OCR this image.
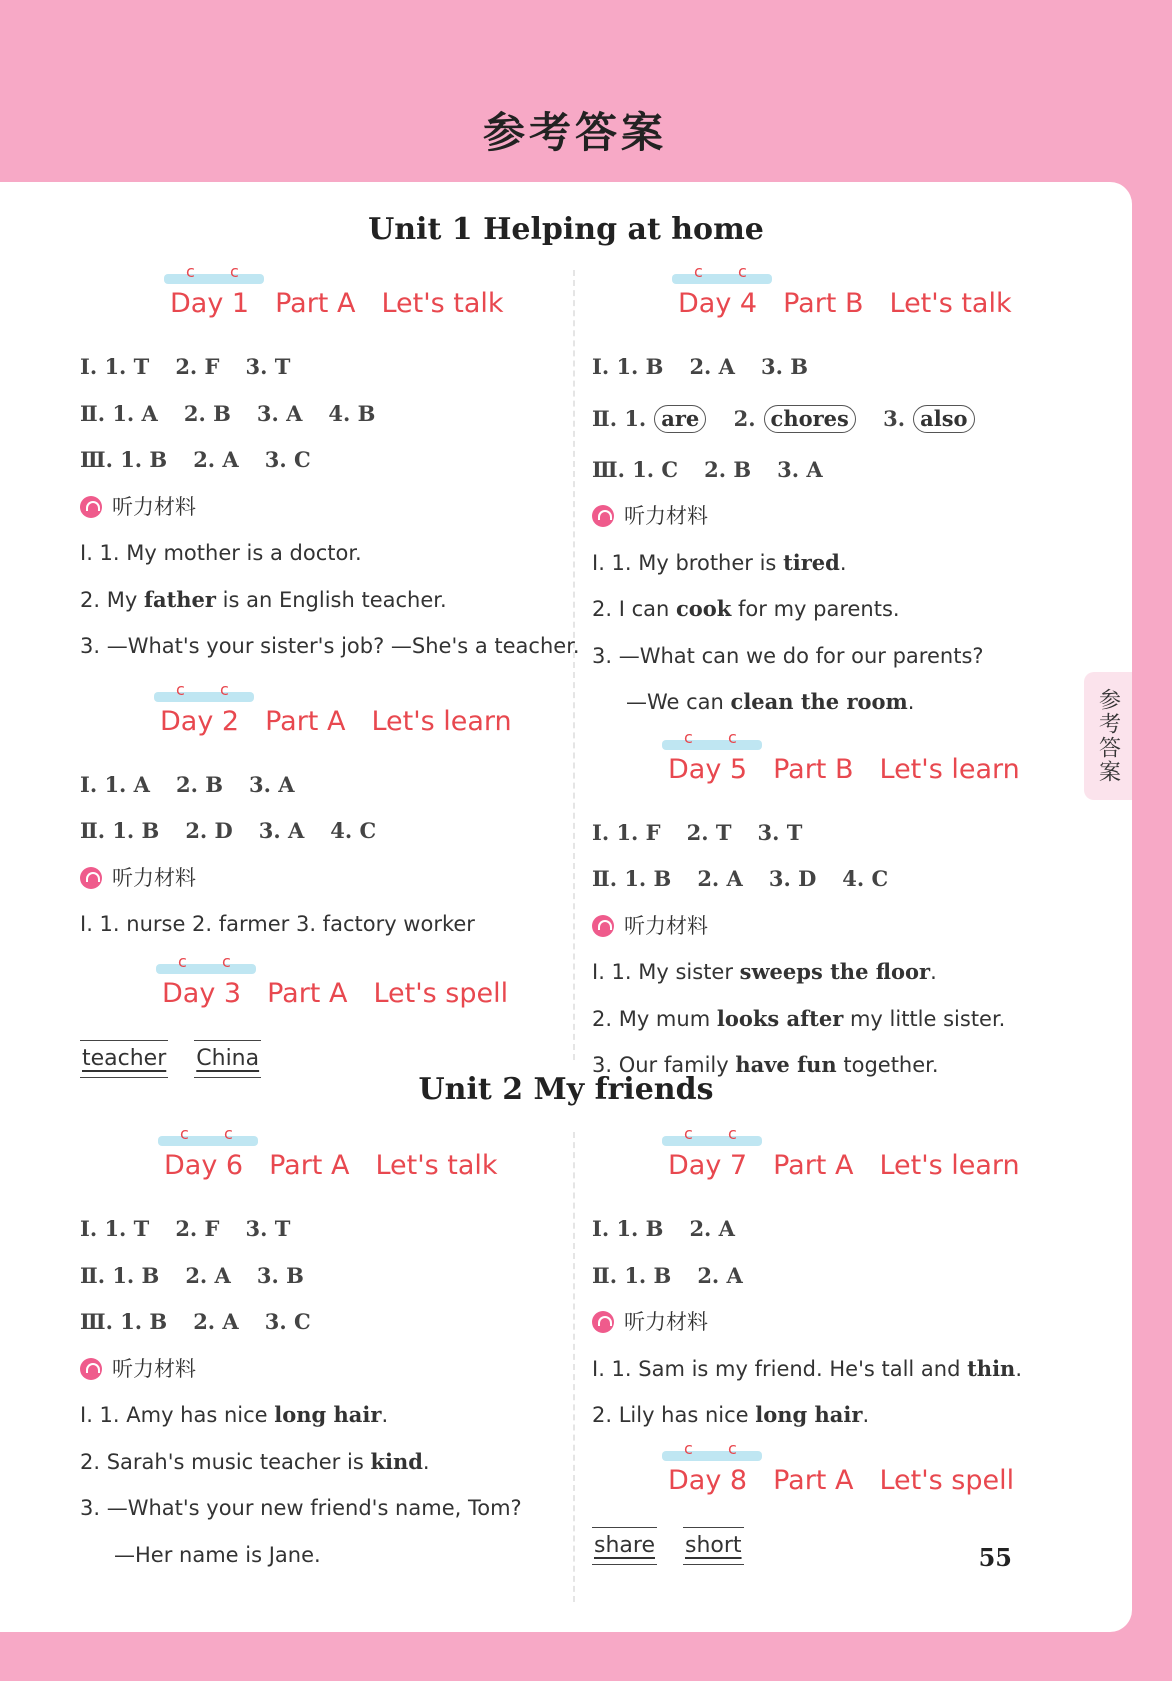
参考答案
Unit 1 Helping at home
c c
Day 1 Part A Let's talk
Ⅰ. 1. T 2. F 3. T
Ⅱ. 1. A 2. B 3. A 4. B
Ⅲ. 1. B 2. A 3. C
听力材料
Ⅰ. 1. My mother is a doctor.
2. My father is an English teacher.
3. —What's your sister's job? —She's a teacher.
c c
Day 2 Part A Let's learn
Ⅰ. 1. A 2. B 3. A
Ⅱ. 1. B 2. D 3. A 4. C
听力材料
Ⅰ. 1. nurse 2. farmer 3. factory worker
c c
Day 3 Part A Let's spell
teacher China
c c
Day 4 Part B Let's talk
Ⅰ. 1. B 2. A 3. B
Ⅱ. 1. are 2. chores 3. also
Ⅲ. 1. C 2. B 3. A
听力材料
Ⅰ. 1. My brother is tired.
2. I can cook for my parents.
3. —What can we do for our parents?
—We can clean the room.
c c
Day 5 Part B Let's learn
Ⅰ. 1. F 2. T 3. T
Ⅱ. 1. B 2. A 3. D 4. C
听力材料
Ⅰ. 1. My sister sweeps the floor.
2. My mum looks after my little sister.
3. Our family have fun together.
Unit 2 My friends
c c
Day 6 Part A Let's talk
Ⅰ. 1. T 2. F 3. T
Ⅱ. 1. B 2. A 3. B
Ⅲ. 1. B 2. A 3. C
听力材料
Ⅰ. 1. Amy has nice long hair.
2. Sarah's music teacher is kind.
3. —What's your new friend's name, Tom?
—Her name is Jane.
c c
Day 7 Part A Let's learn
Ⅰ. 1. B 2. A
Ⅱ. 1. B 2. A
听力材料
Ⅰ. 1. Sam is my friend. He's tall and thin.
2. Lily has nice long hair.
c c
Day 8 Part A Let's spell
share short	55
参考答案
